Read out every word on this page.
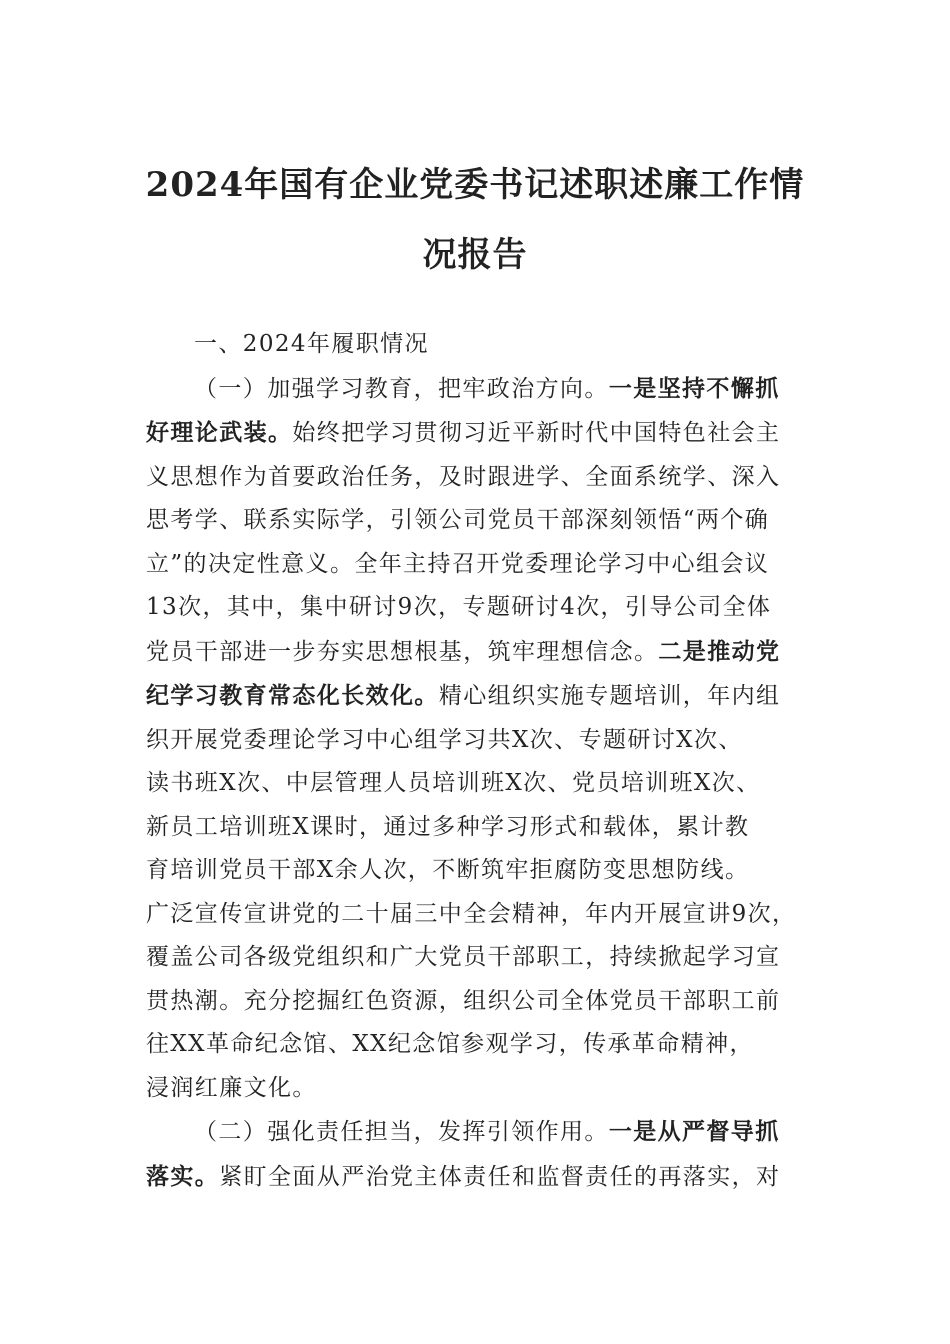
2024年国有企业党委书记述职述廉工作情
况报告
一、2024年履职情况
（一）加强学习教育，把牢政治方向。一是坚持不懈抓
好理论武装。始终把学习贯彻习近平新时代中国特色社会主
义思想作为首要政治任务，及时跟进学、全面系统学、深入
思考学、联系实际学，引领公司党员干部深刻领悟“两个确
立”的决定性意义。全年主持召开党委理论学习中心组会议
13次，其中，集中研讨9次，专题研讨4次，引导公司全体
党员干部进一步夯实思想根基，筑牢理想信念。二是推动党
纪学习教育常态化长效化。精心组织实施专题培训，年内组
织开展党委理论学习中心组学习共X次、专题研讨X次、
读书班X次、中层管理人员培训班X次、党员培训班X次、
新员工培训班X课时，通过多种学习形式和载体，累计教
育培训党员干部X余人次，不断筑牢拒腐防变思想防线。
广泛宣传宣讲党的二十届三中全会精神，年内开展宣讲9次，
覆盖公司各级党组织和广大党员干部职工，持续掀起学习宣
贯热潮。充分挖掘红色资源，组织公司全体党员干部职工前
往XX革命纪念馆、XX纪念馆参观学习，传承革命精神，
浸润红廉文化。
（二）强化责任担当，发挥引领作用。一是从严督导抓
落实。紧盯全面从严治党主体责任和监督责任的再落实，对
